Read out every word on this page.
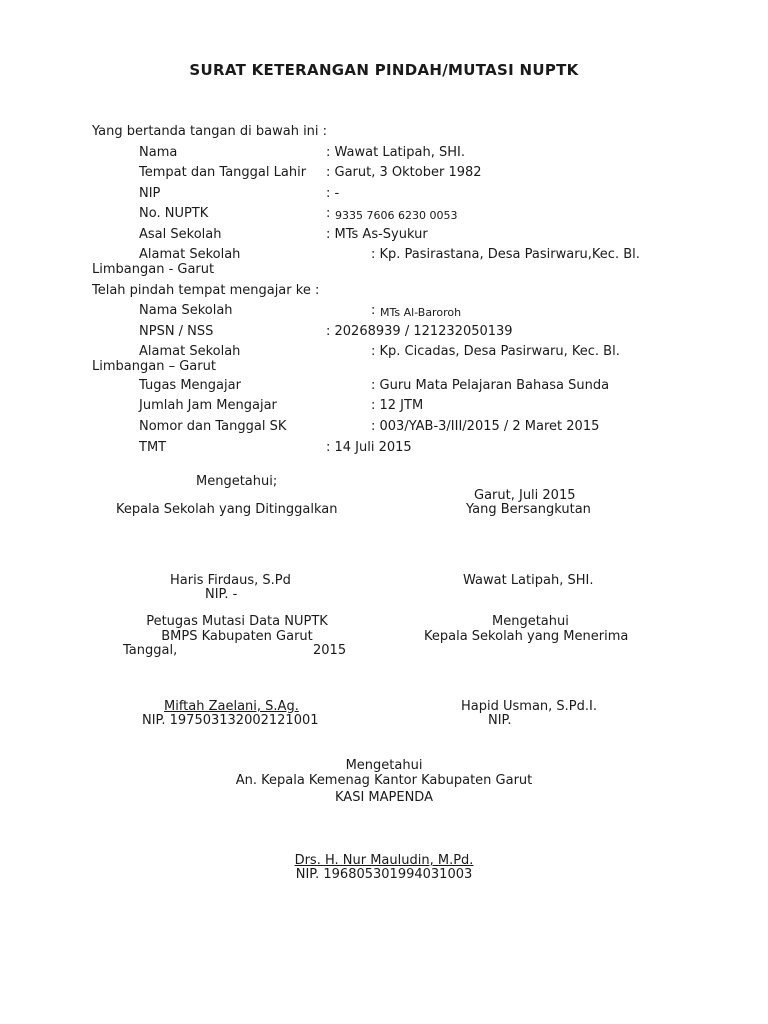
SURAT KETERANGAN PINDAH/MUTASI NUPTK
Yang bertanda tangan di bawah ini :
Nama	: Wawat Latipah, SHI.
Tempat dan Tanggal Lahir : Garut, 3 Oktober 1982
NIP	: -
No. NUPTK	: 9335 7606 6230 0053
Asal Sekolah	: MTs As-Syukur
Alamat Sekolah	: Kp. Pasirastana, Desa Pasirwaru,Kec. Bl.
Limbangan - Garut
Telah pindah tempat mengajar ke :
Nama Sekolah	: MTs Al-Baroroh
NPSN / NSS	: 20268939 / 121232050139
Alamat Sekolah	: Kp. Cicadas, Desa Pasirwaru, Kec. Bl.
Limbangan – Garut
Tugas Mengajar	: Guru Mata Pelajaran Bahasa Sunda
Jumlah Jam Mengajar	: 12 JTM
Nomor dan Tanggal SK	: 003/YAB-3/III/2015 / 2 Maret 2015
TMT	: 14 Juli 2015
Mengetahui;
Garut, Juli 2015
Kepala Sekolah yang Ditinggalkan	Yang Bersangkutan
Haris Firdaus, S.Pd
NIP. -
Wawat Latipah, SHI.
Petugas Mutasi Data NUPTK
BMPS Kabupaten Garut
Tanggal,	2015
Mengetahui
Kepala Sekolah yang Menerima
Miftah Zaelani, S.Ag.
NIP. 197503132002121001
Hapid Usman, S.Pd.I.
NIP.
Mengetahui
An. Kepala Kemenag Kantor Kabupaten Garut
KASI MAPENDA
Drs. H. Nur Mauludin, M.Pd.
NIP. 196805301994031003
